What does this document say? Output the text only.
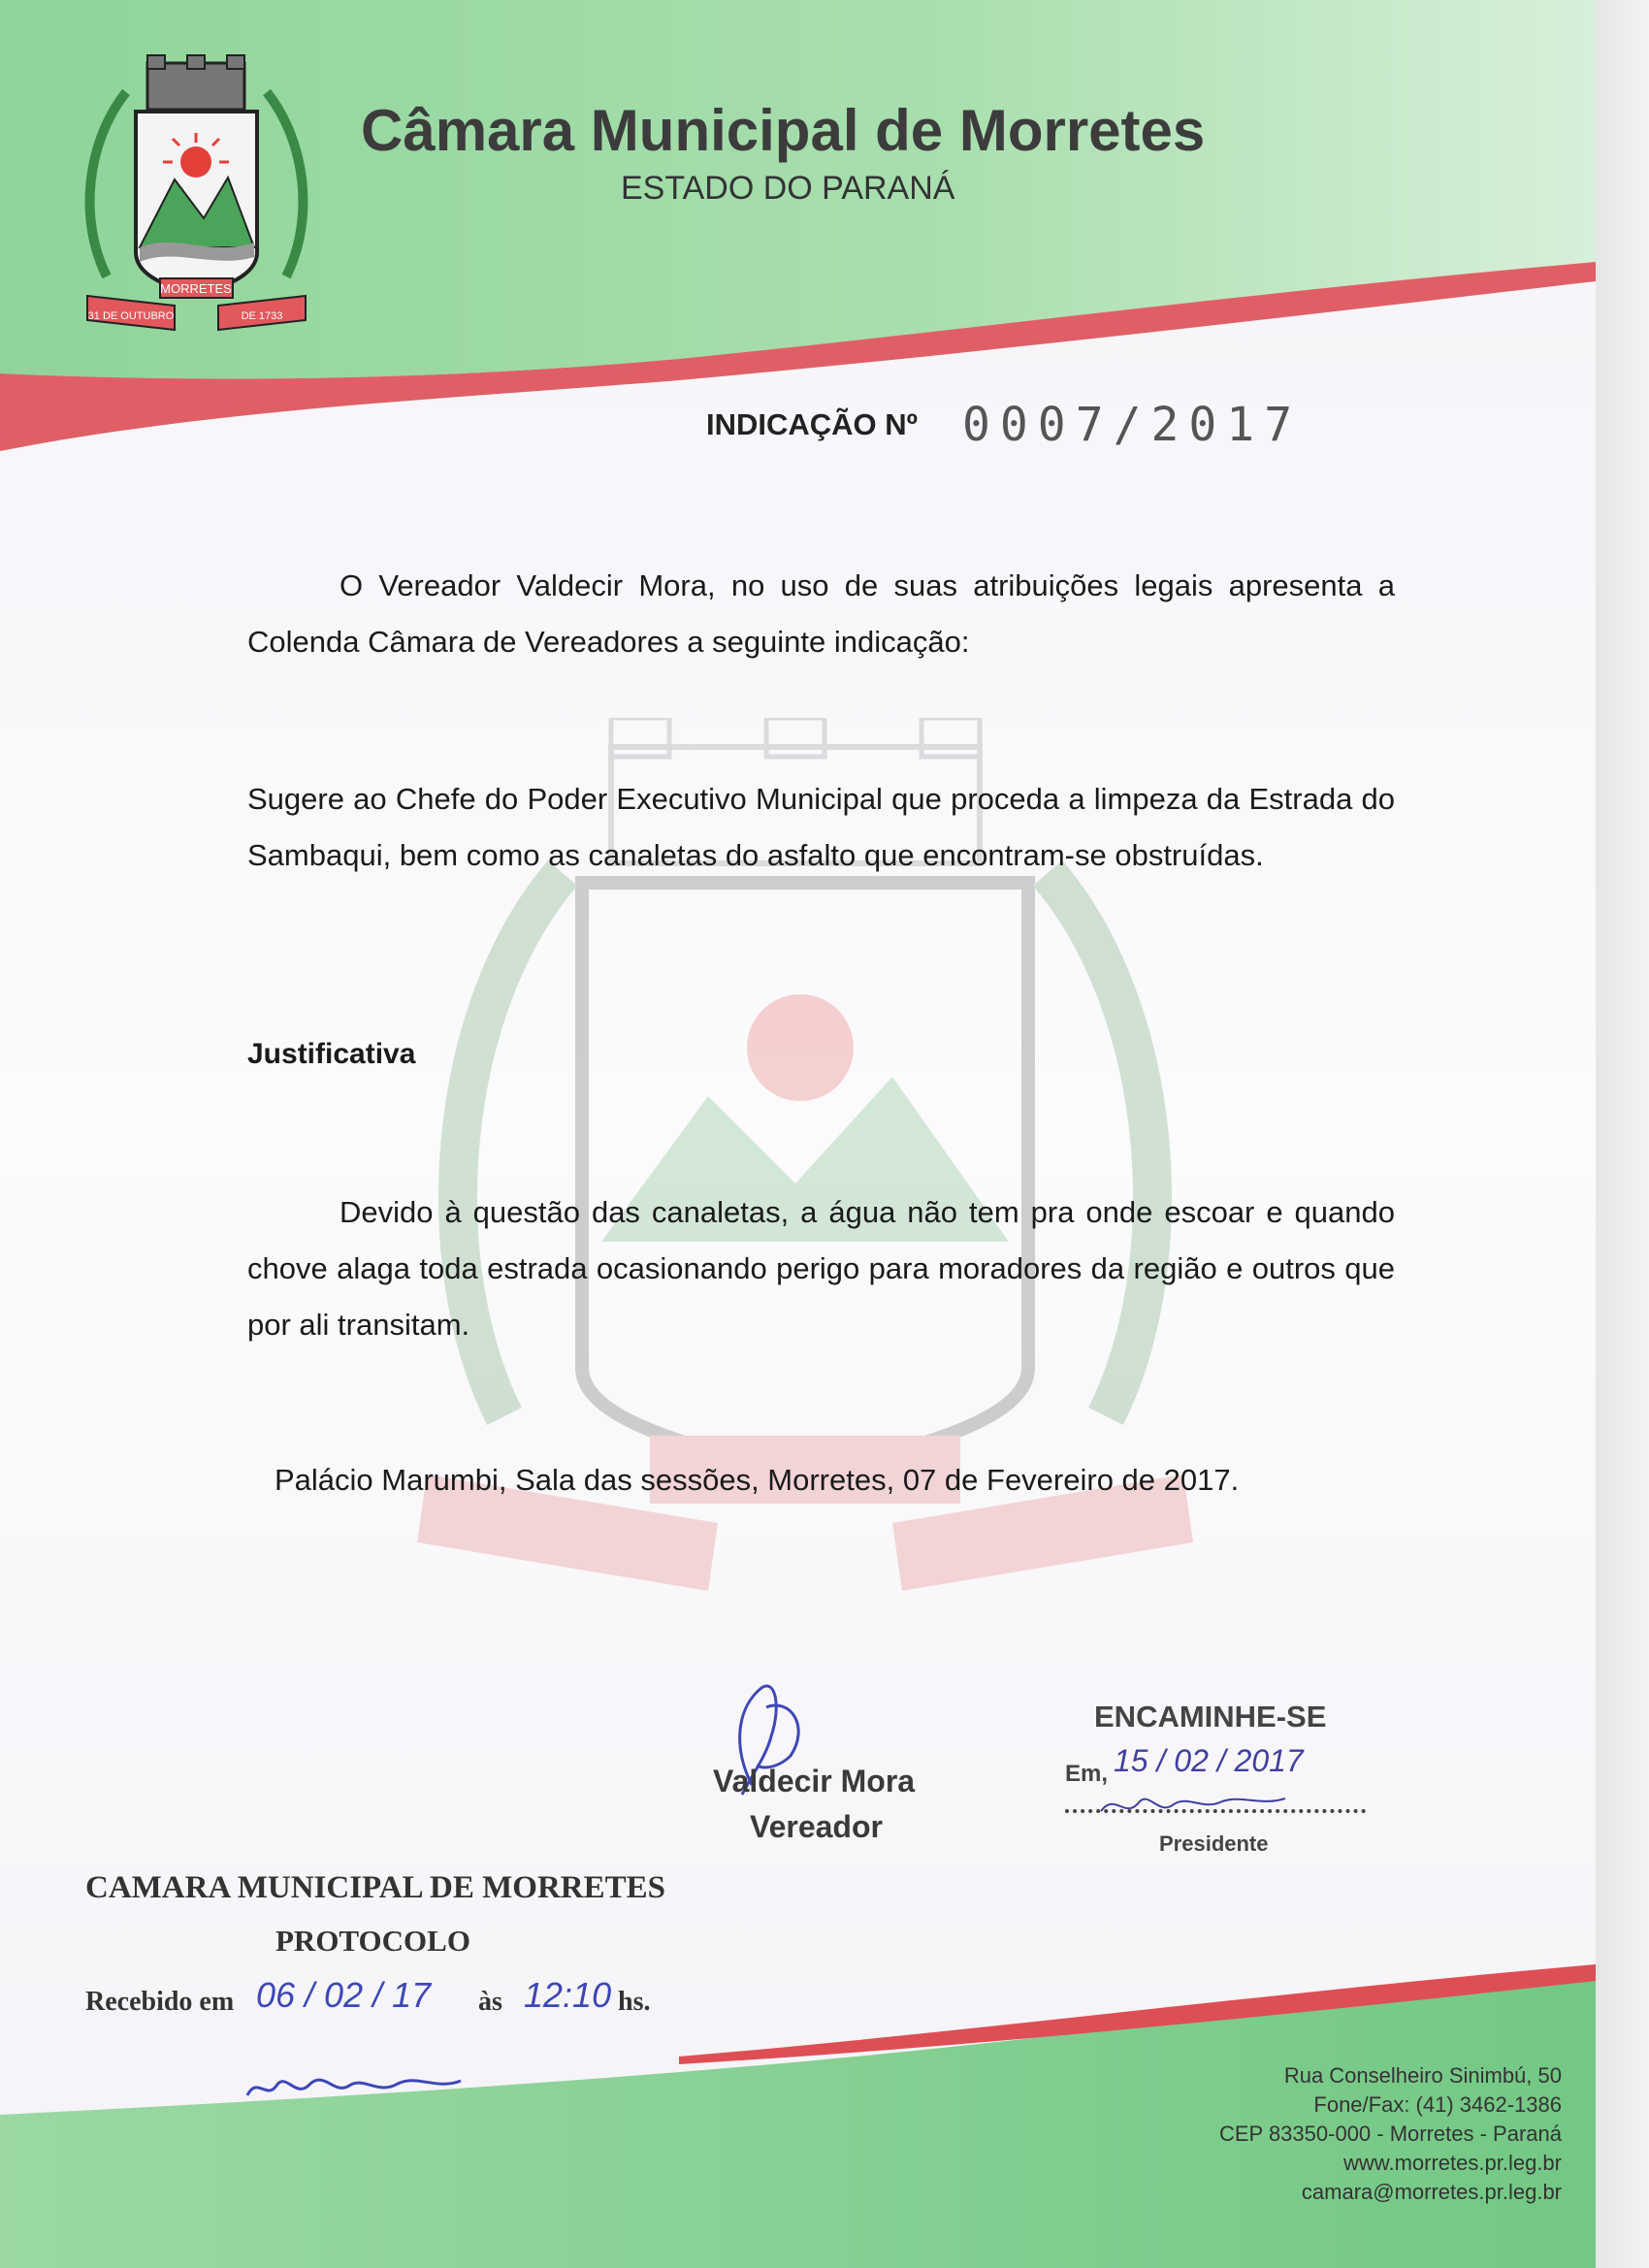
MORRETES
31 DE OUTUBRO	DE 1733
Câmara Municipal de Morretes
ESTADO DO PARANÁ
INDICAÇÃO Nº 0007/2017
O Vereador Valdecir Mora, no uso de suas atribuições legais apresenta a Colenda Câmara de Vereadores a seguinte indicação:
Sugere ao Chefe do Poder Executivo Municipal que proceda a limpeza da Estrada do Sambaqui, bem como as canaletas do asfalto que encontram-se obstruídas.
Justificativa
Devido à questão das canaletas, a água não tem pra onde escoar e quando chove alaga toda estrada ocasionando perigo para moradores da região e outros que por ali transitam.
Palácio Marumbi, Sala das sessões, Morretes, 07 de Fevereiro de 2017.
Valdecir Mora
Vereador
ENCAMINHE-SE
Em, 15 / 02 / 2017
Presidente
CAMARA MUNICIPAL DE MORRETES
PROTOCOLO
Recebido em 06 / 02 / 17 às 12:10 hs.
Rua Conselheiro Sinimbú, 50
Fone/Fax: (41) 3462-1386
CEP 83350-000 - Morretes - Paraná
www.morretes.pr.leg.br
camara@morretes.pr.leg.br
